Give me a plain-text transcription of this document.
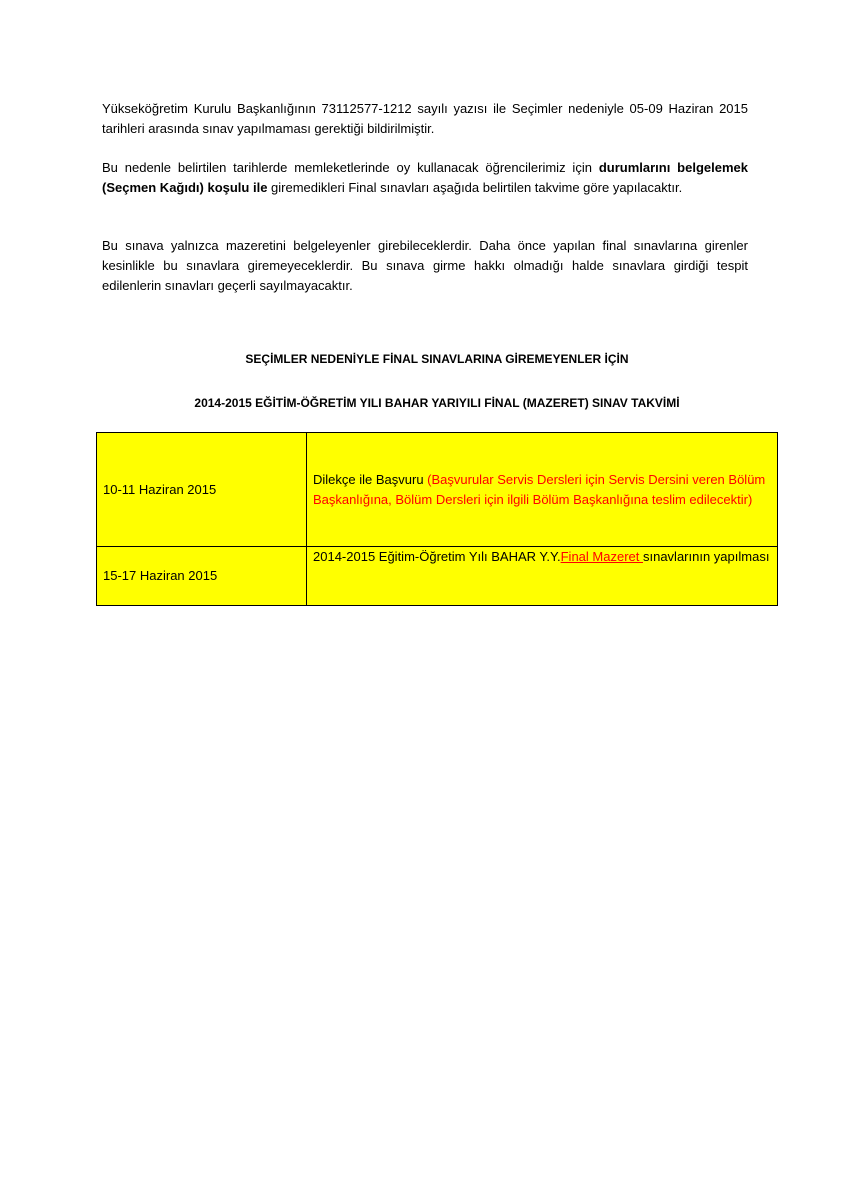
Yükseköğretim Kurulu Başkanlığının 73112577-1212 sayılı yazısı ile Seçimler nedeniyle 05-09 Haziran 2015 tarihleri arasında sınav yapılmaması gerektiği bildirilmiştir.

Bu nedenle belirtilen tarihlerde memleketlerinde oy kullanacak öğrencilerimiz için durumlarını belgelemek (Seçmen Kağıdı) koşulu ile giremedikleri Final sınavları aşağıda belirtilen takvime göre yapılacaktır.

Bu sınava yalnızca mazeretini belgeleyenler girebileceklerdir. Daha önce yapılan final sınavlarına girenler kesinlikle bu sınavlara giremeyeceklerdir. Bu sınava girme hakkı olmadığı halde sınavlara girdiği tespit edilenlerin sınavları geçerli sayılmayacaktır.

SEÇİMLER NEDENİYLE FİNAL SINAVLARINA GİREMEYENLER İÇİN

2014-2015 EĞİTİM-ÖĞRETİM YILI BAHAR YARIYILI FİNAL (MAZERET) SINAV TAKVİMİ

10-11 Haziran 2015	Dilekçe ile Başvuru (Başvurular Servis Dersleri için Servis Dersini veren Bölüm Başkanlığına, Bölüm Dersleri için ilgili Bölüm Başkanlığına teslim edilecektir)
15-17 Haziran 2015	2014-2015 Eğitim-Öğretim Yılı BAHAR Y.Y.Final Mazeret sınavlarının yapılması
